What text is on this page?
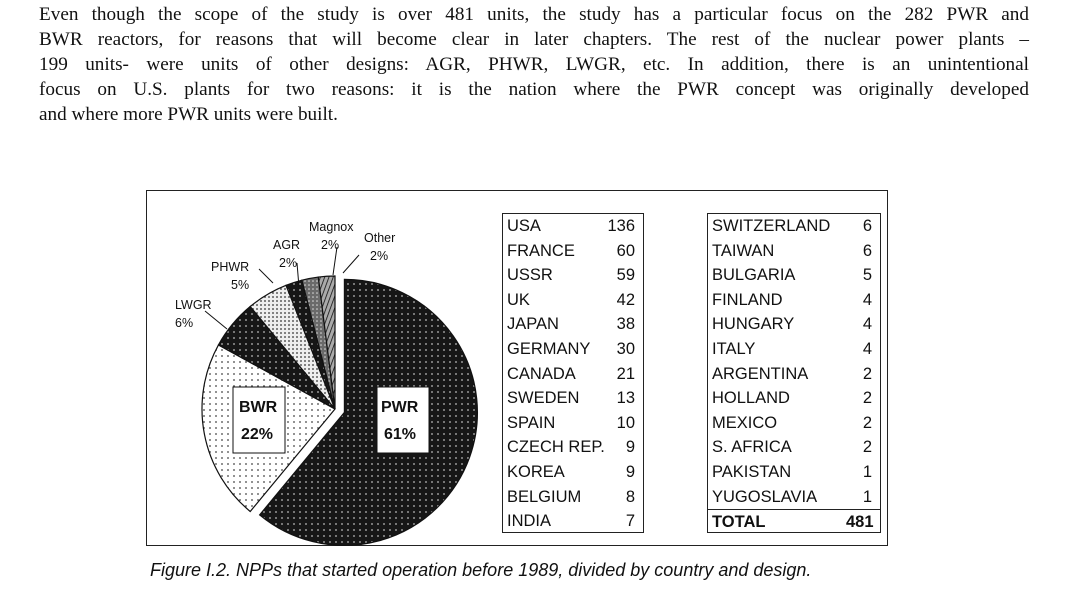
Even though the scope of the study is over 481 units, the study has a particular focus on the 282 PWR and
BWR reactors, for reasons that will become clear in later chapters. The rest of the nuclear power plants –
199 units- were units of other designs: AGR, PHWR, LWGR, etc. In addition, there is an unintentional
focus on U.S. plants for two reasons: it is the nation where the PWR concept was originally developed
and where more PWR units were built.
PWR
61%
BWR
22%
LWGR
6%
PHWR
5%
AGR
2%
Magnox
2% Other
2%
USA	136
FRANCE	60
USSR	59
UK	42
JAPAN	38
GERMANY	30
CANADA	21
SWEDEN	13
SPAIN	10
CZECH REP.	9
KOREA	9
BELGIUM	8
INDIA	7
SWITZERLAND	6
TAIWAN	6
BULGARIA	5
FINLAND	4
HUNGARY	4
ITALY	4
ARGENTINA	2
HOLLAND	2
MEXICO	2
S. AFRICA	2
PAKISTAN	1
YUGOSLAVIA	1
TOTAL	481
Figure I.2. NPPs that started operation before 1989, divided by country and design.
